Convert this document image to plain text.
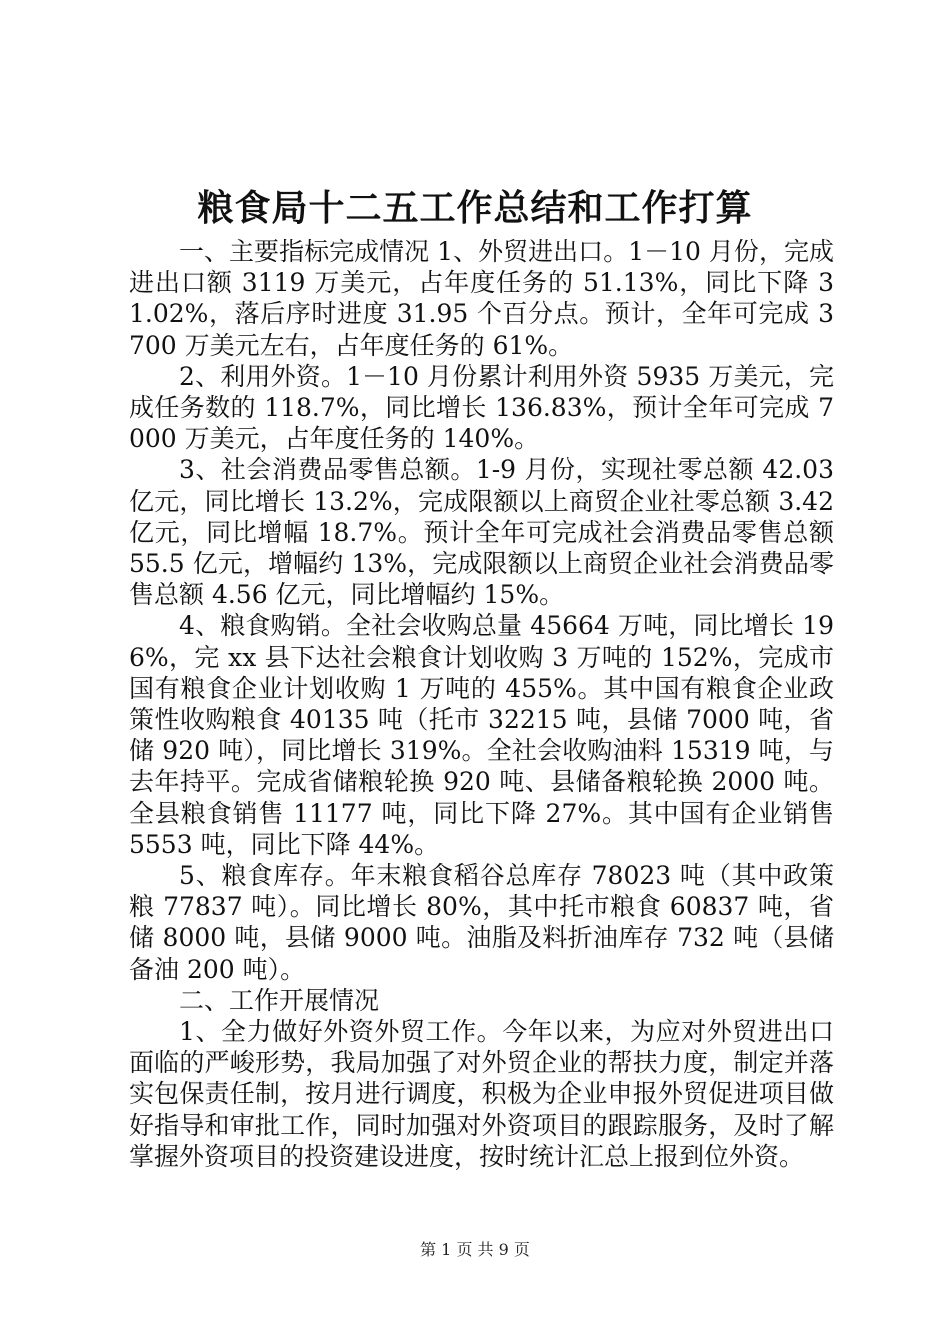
粮食局十二五工作总结和工作打算

一、主要指标完成情况 1、外贸进出口。1－10 月份，完成进出口额 3119 万美元，占年度任务的 51.13%，同比下降 31.02%，落后序时进度 31.95 个百分点。预计，全年可完成 3700 万美元左右，占年度任务的 61%。

2、利用外资。1－10 月份累计利用外资 5935 万美元，完成任务数的 118.7%，同比增长 136.83%，预计全年可完成 7000 万美元，占年度任务的 140%。

3、社会消费品零售总额。1-9 月份，实现社零总额 42.03 亿元，同比增长 13.2%，完成限额以上商贸企业社零总额 3.42 亿元，同比增幅 18.7%。预计全年可完成社会消费品零售总额 55.5 亿元，增幅约 13%，完成限额以上商贸企业社会消费品零售总额 4.56 亿元，同比增幅约 15%。

4、粮食购销。全社会收购总量 45664 万吨，同比增长 196%，完 xx 县下达社会粮食计划收购 3 万吨的 152%，完成市国有粮食企业计划收购 1 万吨的 455%。其中国有粮食企业政策性收购粮食 40135 吨（托市 32215 吨，县储 7000 吨，省储 920 吨），同比增长 319%。全社会收购油料 15319 吨，与去年持平。完成省储粮轮换 920 吨、县储备粮轮换 2000 吨。全县粮食销售 11177 吨，同比下降 27%。其中国有企业销售 5553 吨，同比下降 44%。

5、粮食库存。年末粮食稻谷总库存 78023 吨（其中政策粮 77837 吨）。同比增长 80%，其中托市粮食 60837 吨，省储 8000 吨，县储 9000 吨。油脂及料折油库存 732 吨（县储备油 200 吨）。

二、工作开展情况

1、全力做好外资外贸工作。今年以来，为应对外贸进出口面临的严峻形势，我局加强了对外贸企业的帮扶力度，制定并落实包保责任制，按月进行调度，积极为企业申报外贸促进项目做好指导和审批工作，同时加强对外资项目的跟踪服务，及时了解掌握外资项目的投资建设进度，按时统计汇总上报到位外资。

第 1 页 共 9 页
